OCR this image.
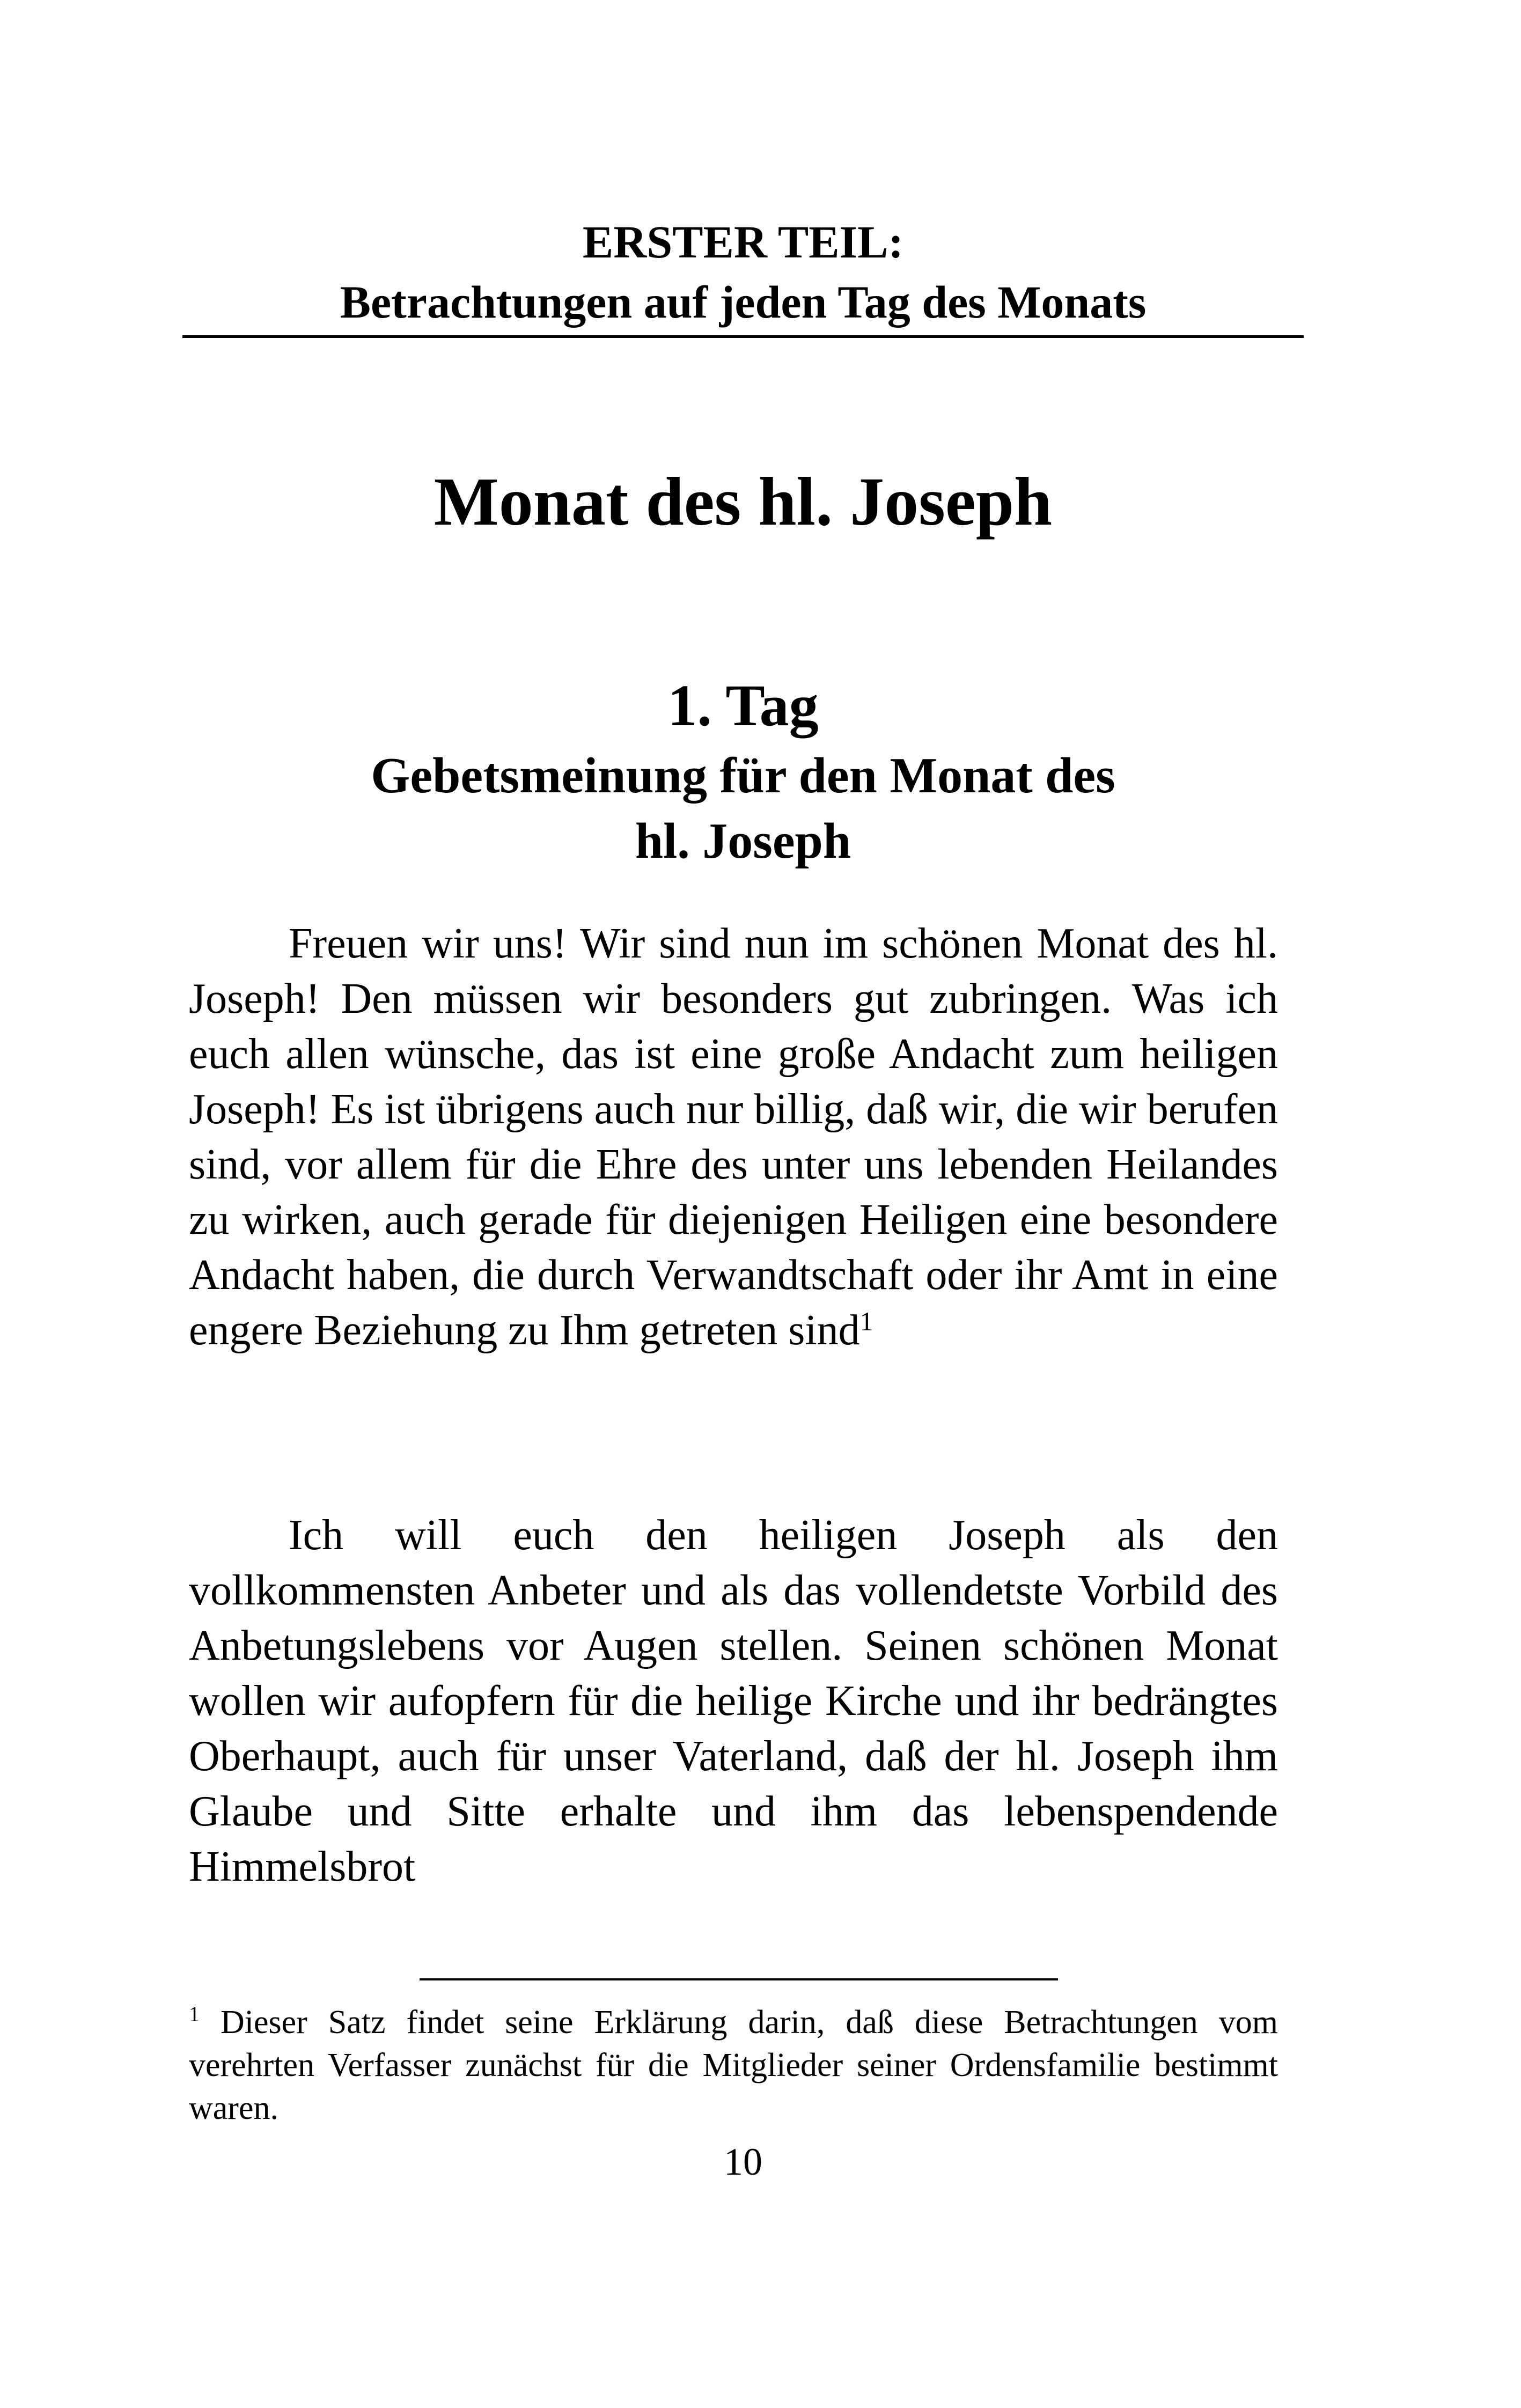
ERSTER TEIL:
Betrachtungen auf jeden Tag des Monats
Monat des hl. Joseph
1. Tag
Gebetsmeinung für den Monat des
hl. Joseph
Freuen wir uns! Wir sind nun im schönen Monat des hl. Joseph! Den müssen wir besonders gut zubringen. Was ich euch allen wünsche, das ist eine große Andacht zum heiligen Joseph! Es ist übrigens auch nur billig, daß wir, die wir berufen sind, vor allem für die Ehre des unter uns lebenden Heilandes zu wirken, auch gerade für diejenigen Heiligen eine besondere Andacht haben, die durch Verwandtschaft oder ihr Amt in eine engere Beziehung zu Ihm getreten sind$^1$
Ich will euch den heiligen Joseph als den vollkommensten Anbeter und als das vollendetste Vorbild des Anbetungslebens vor Augen stellen. Seinen schönen Monat wollen wir aufopfern für die heilige Kirche und ihr bedrängtes Oberhaupt, auch für unser Vaterland, daß der hl. Joseph ihm Glaube und Sitte erhalte und ihm das lebenspendende Himmelsbrot
$^1$ Dieser Satz findet seine Erklärung darin, daß diese Betrachtungen vom verehrten Verfasser zunächst für die Mitglieder seiner Ordensfamilie bestimmt waren.
10
